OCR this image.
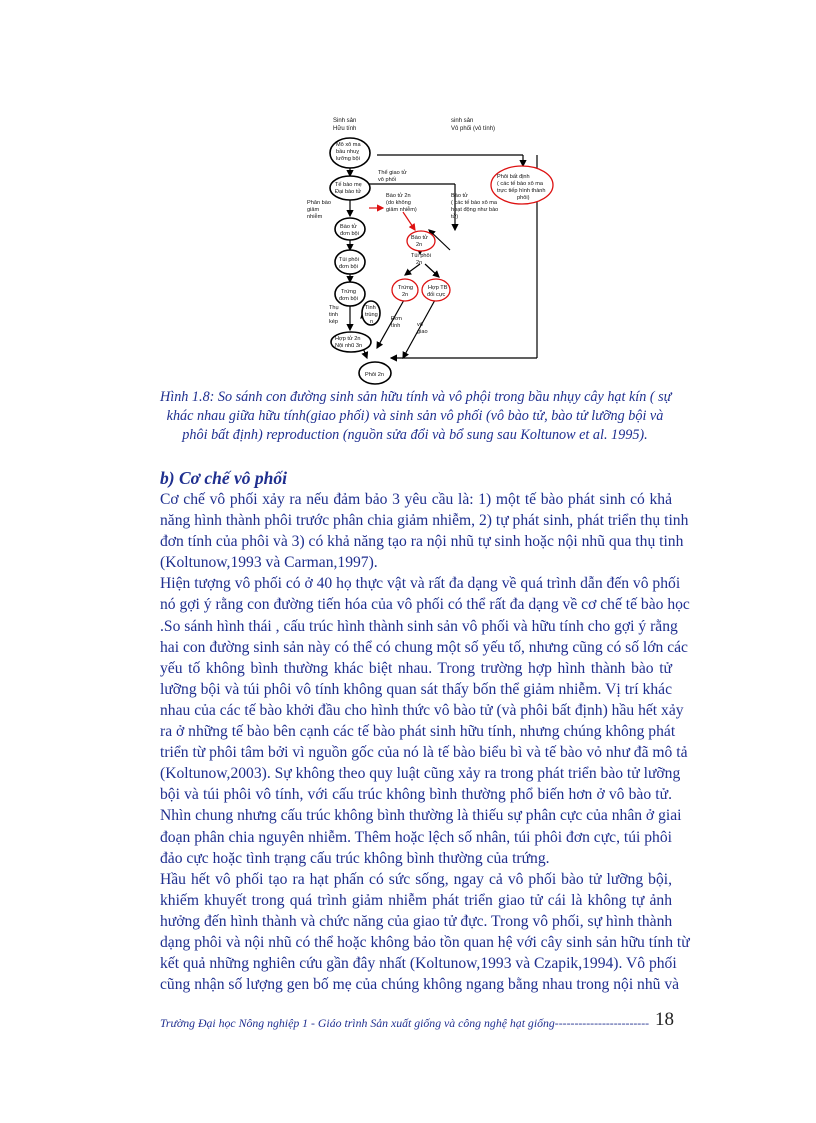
Sinh sản
Hữu tính
sinh sản
Vô phối (vô tính)
Mô xô ma
bầu nhuỵ
lưỡng bội
Tế bào mẹ
Đại bào tử
Phân bào
giảm
nhiễm
Thể giao tử
vô phối
Bào tử 2n
(do không
giảm nhiễm)
Bào tử
( các tế bào xô ma
hoạt động như bào
tử)
Phôi bất định
( các tế bào xô ma
trực tiếp hình thành
phôi)
Bào tử
2n
Túi phôi
2n
Bào tử
đơn bội
Túi phôi
đơn bội
Trứng
đơn bội
Thụ
tinh
kép
Tinh
trùng
n
Trứng
2n
Hợp TB
đối cực
Đơn
tính	vô
giao
Hợp tử 2n
Nội nhũ 3n
Phôi 2n
Hình 1.8: So sánh con đường sinh sản hữu tính và vô phội trong bầu nhụy cây hạt kín ( sự
khác nhau giữa hữu tính(giao phối) và sinh sản vô phối (vô bào tử, bào tử lưỡng bội và
phôi bất định) reproduction (nguồn sửa đổi và bổ sung sau Koltunow et al. 1995).
b) Cơ chế vô phối
Cơ chế vô phối xảy ra nếu đảm bảo 3 yêu cầu là: 1) một tế bào phát sinh có khả
năng hình thành phôi trước phân chia giảm nhiễm, 2) tự phát sinh, phát triển thụ tinh
đơn tính của phôi và 3) có khả năng tạo ra nội nhũ tự sinh hoặc nội nhũ qua thụ tinh
(Koltunow,1993 và Carman,1997).
Hiện tượng vô phối có ở 40 họ thực vật và rất đa dạng về quá trình dẫn đến vô phối
nó gợi ý rằng con đường tiến hóa của vô phối có thể rất đa dạng về cơ chế tế bào học
.So sánh hình thái , cấu trúc hình thành sinh sản vô phối và hữu tính cho gợi ý rằng
hai con đường sinh sản này có thể có chung một số yếu tố, nhưng cũng có số lớn các
yếu tố không bình thường khác biệt nhau. Trong trường hợp hình thành bào tử
lưỡng bội và túi phôi vô tính không quan sát thấy bốn thể giảm nhiễm. Vị trí khác
nhau của các tế bào khởi đầu cho hình thức vô bào tử (và phôi bất định) hầu hết xảy
ra ở những tế bào bên cạnh các tế bào phát sinh hữu tính, nhưng chúng không phát
triển từ phôi tâm bởi vì nguồn gốc của nó là tế bào biểu bì và tế bào vỏ như đã mô tả
(Koltunow,2003). Sự không theo quy luật cũng xảy ra trong phát triển bào tử lưỡng
bội và túi phôi vô tính, với cấu trúc không bình thường phổ biến hơn ở vô bào tử.
Nhìn chung nhưng cấu trúc không bình thường là thiếu sự phân cực của nhân ở giai
đoạn phân chia nguyên nhiễm. Thêm hoặc lệch số nhân, túi phôi đơn cực, túi phôi
đảo cực hoặc tình trạng cấu trúc không bình thường của trứng.
Hầu hết vô phối tạo ra hạt phấn có sức sống, ngay cả vô phối bào tử lưỡng bội,
khiếm khuyết trong quá trình giảm nhiễm phát triển giao tử cái là không tự ảnh
hưởng đến hình thành và chức năng của giao tử đực. Trong vô phối, sự hình thành
dạng phôi và nội nhũ có thể hoặc không bảo tồn quan hệ với cây sinh sản hữu tính từ
kết quả những nghiên cứu gần đây nhất (Koltunow,1993 và Czapik,1994). Vô phối
cũng nhận số lượng gen bố mẹ của chúng không ngang bằng nhau trong nội nhũ và
Trường Đại học Nông nghiệp 1 - Giáo trình Sản xuất giống và công nghệ hạt giống------------------------ 18
